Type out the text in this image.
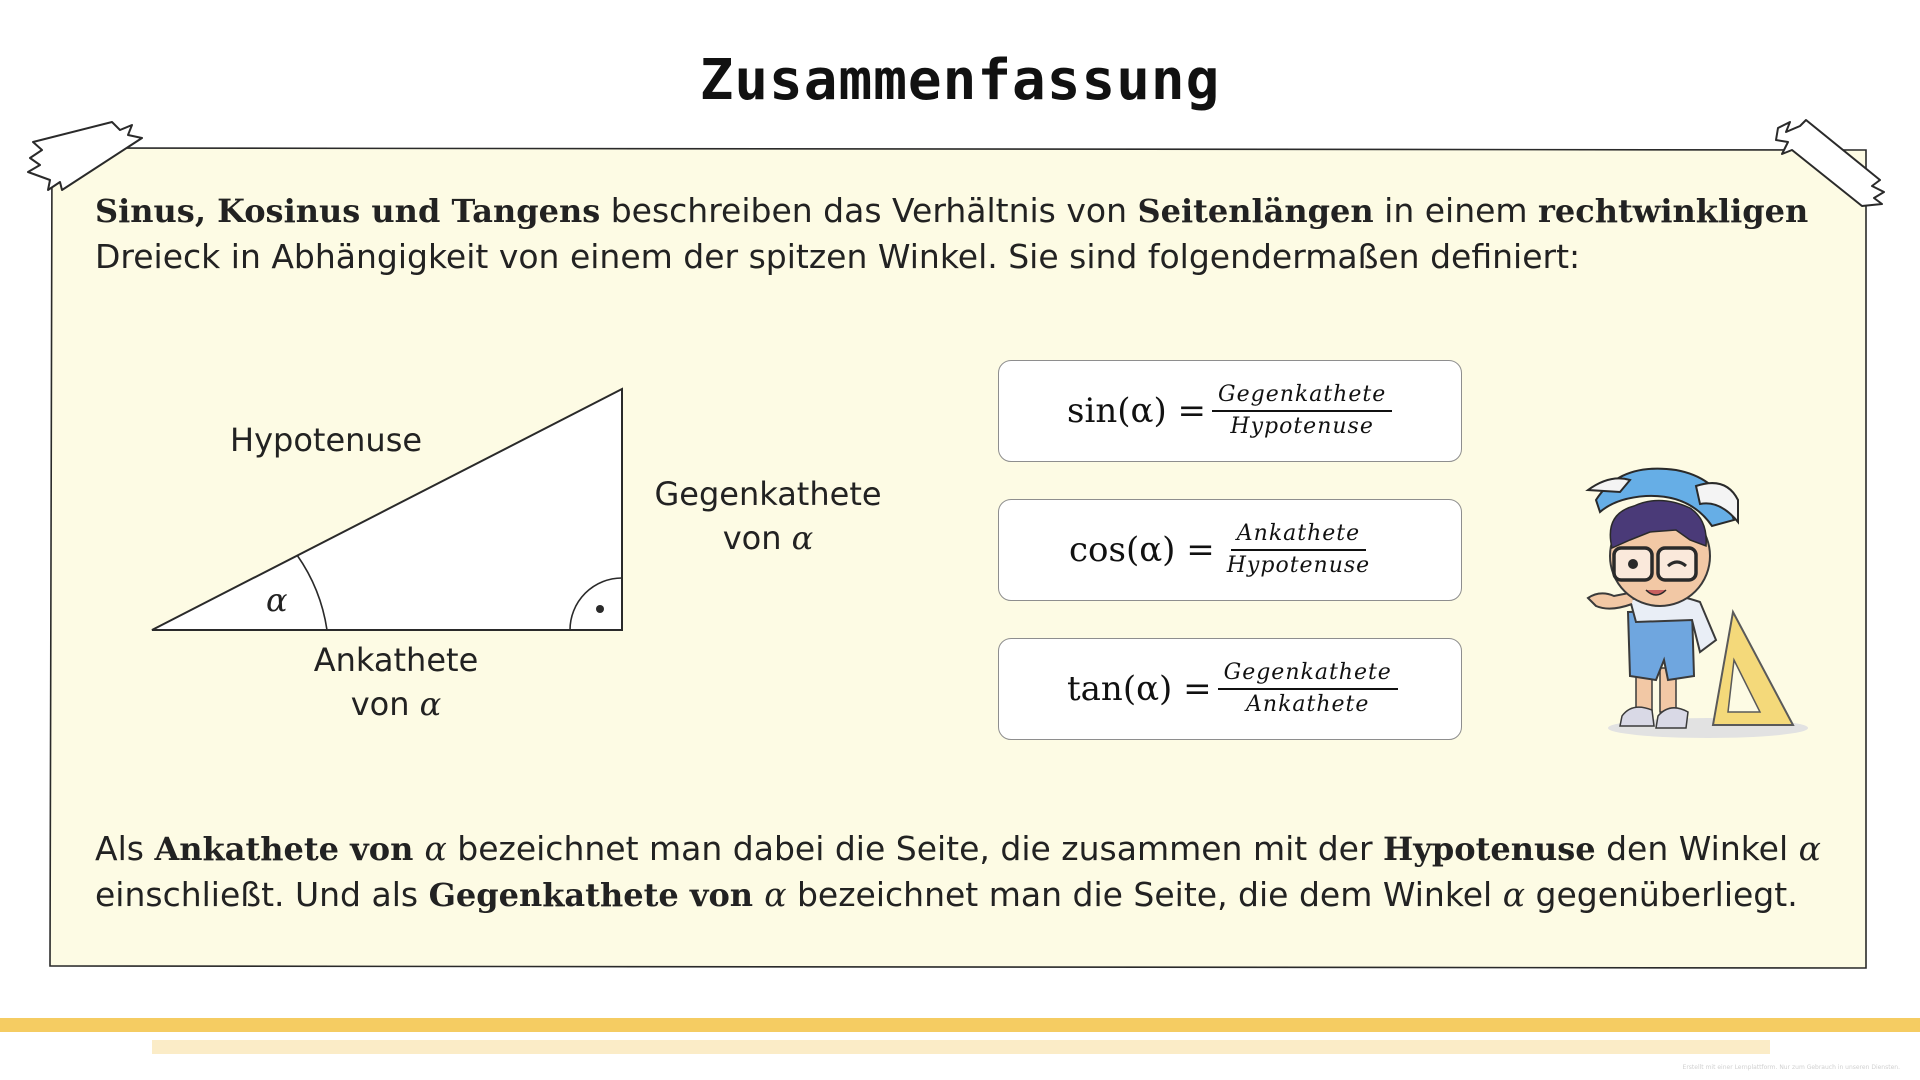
Zusammenfassung
Sinus, Kosinus und Tangens beschreiben das Verhältnis von Seitenlängen in einem rechtwinkligen Dreieck in Abhängigkeit von einem der spitzen Winkel. Sie sind folgendermaßen definiert:
Hypotenuse
Gegenkathete
von α
Ankathete
von α
α
$\sin(\alpha) = \frac{\text{Gegenkathete}}{\text{Hypotenuse}}$
$\cos(\alpha) = \frac{\text{Ankathete}}{\text{Hypotenuse}}$
$\tan(\alpha) = \frac{\text{Gegenkathete}}{\text{Ankathete}}$
Als Ankathete von α bezeichnet man dabei die Seite, die zusammen mit der Hypotenuse den Winkel α einschließt. Und als Gegenkathete von α bezeichnet man die Seite, die dem Winkel α gegenüberliegt.
Erstellt mit einer Lernplattform. Nur zum Gebrauch in unseren Diensten.
